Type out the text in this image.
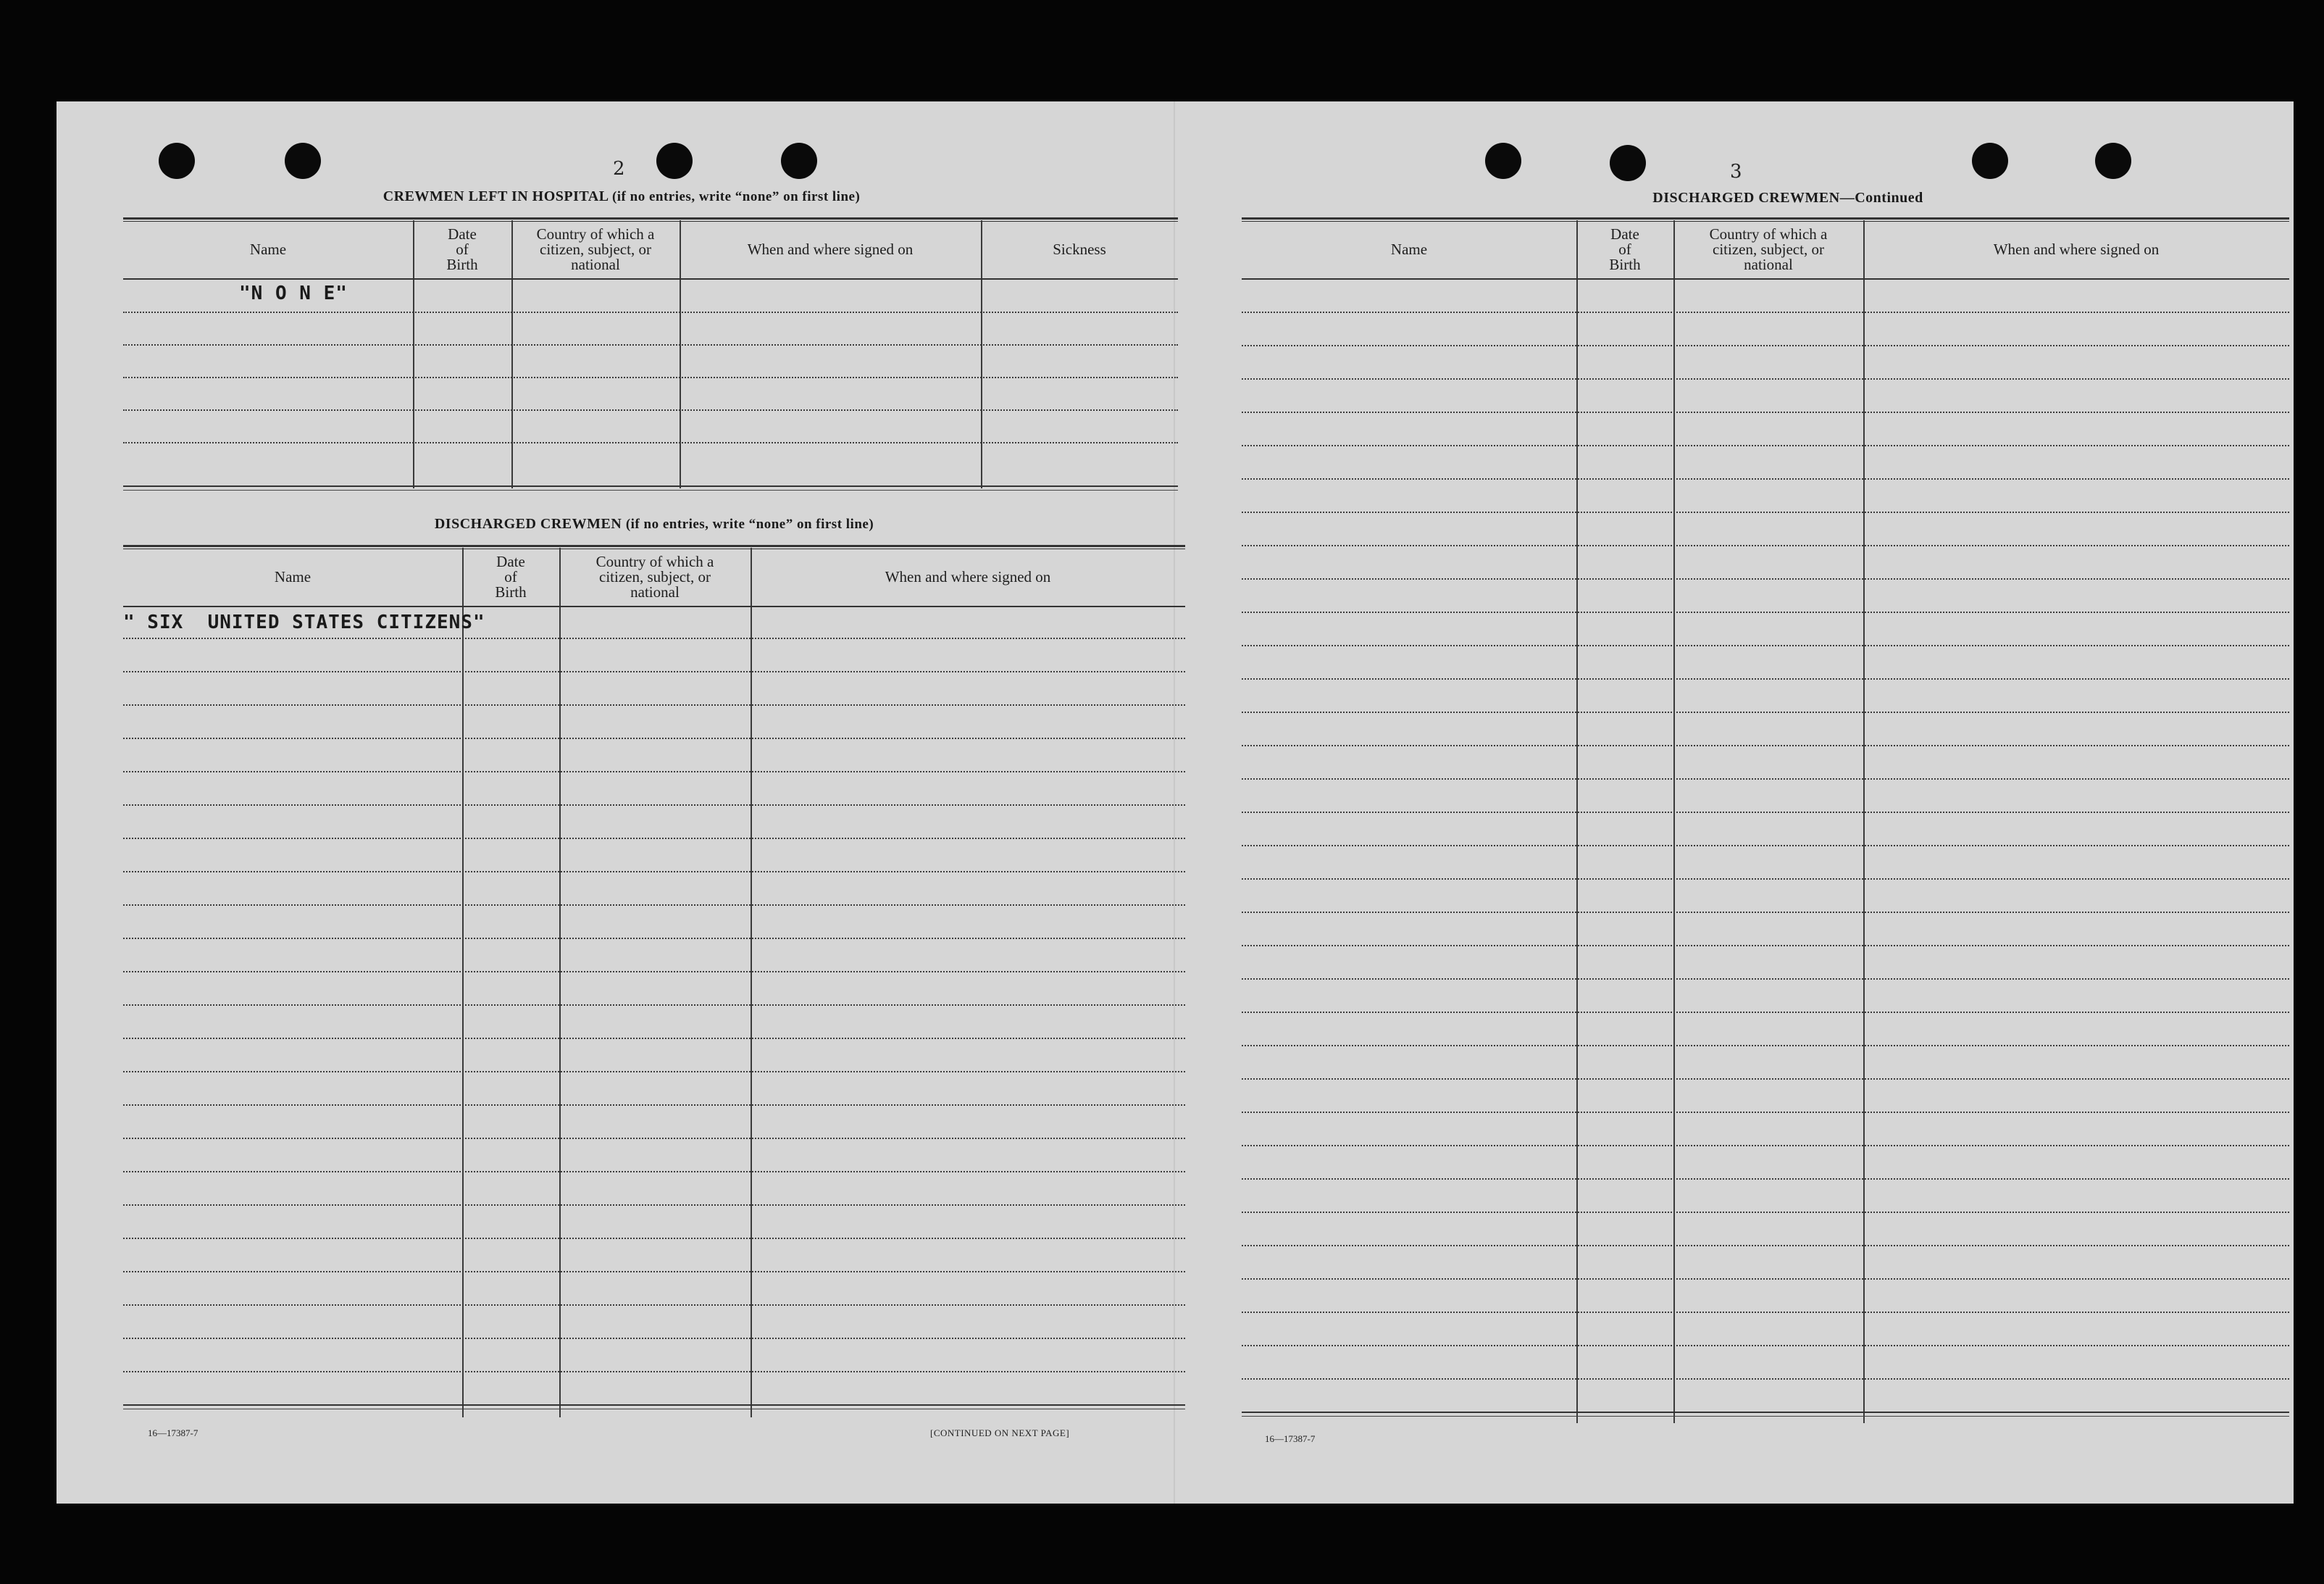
2
CREWMEN LEFT IN HOSPITAL (if no entries, write “none” on first line)
Name
Date
of
Birth
Country of which a
citizen, subject, or
national
When and where signed on	Sickness
"N O N E"
DISCHARGED CREWMEN (if no entries, write “none” on first line)
Name
Date
of
Birth
Country of which a
citizen, subject, or
national
When and where signed on
" SIX  UNITED STATES CITIZENS"
16—17387-7	[CONTINUED ON NEXT PAGE]
3
DISCHARGED CREWMEN—Continued
Name
Date
of
Birth
Country of which a
citizen, subject, or
national
When and where signed on
16—17387-7
